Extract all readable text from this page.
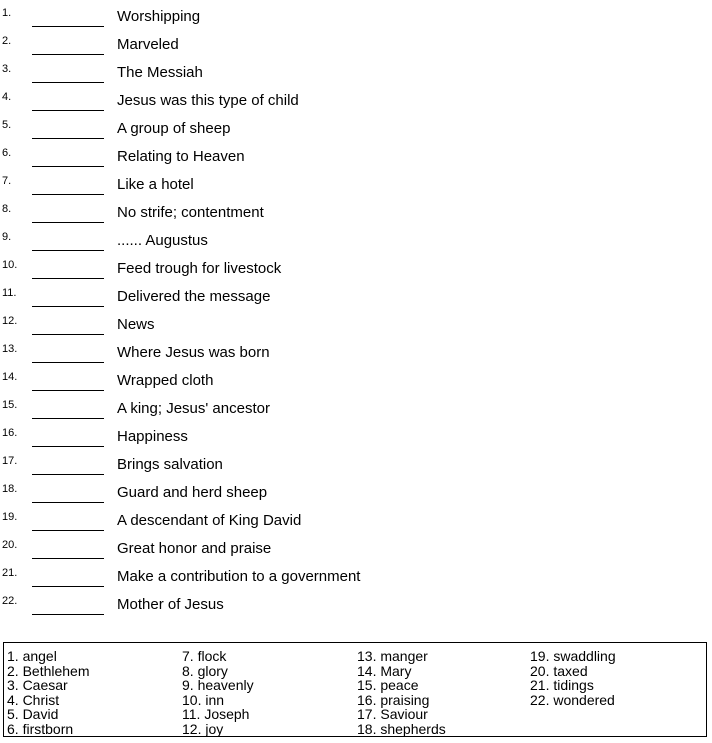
1.	Worshipping
2.	Marveled
3.	The Messiah
4.	Jesus was this type of child
5.	A group of sheep
6.	Relating to Heaven
7.	Like a hotel
8.	No strife; contentment
9.	...... Augustus
10.	Feed trough for livestock
11.	Delivered the message
12.	News
13.	Where Jesus was born
14.	Wrapped cloth
15.	A king; Jesus' ancestor
16.	Happiness
17.	Brings salvation
18.	Guard and herd sheep
19.	A descendant of King David
20.	Great honor and praise
21.	Make a contribution to a government
22.	Mother of Jesus
1. angel
2. Bethlehem
3. Caesar
4. Christ
5. David
6. firstborn
7. flock
8. glory
9. heavenly
10. inn
11. Joseph
12. joy
13. manger
14. Mary
15. peace
16. praising
17. Saviour
18. shepherds
19. swaddling
20. taxed
21. tidings
22. wondered
